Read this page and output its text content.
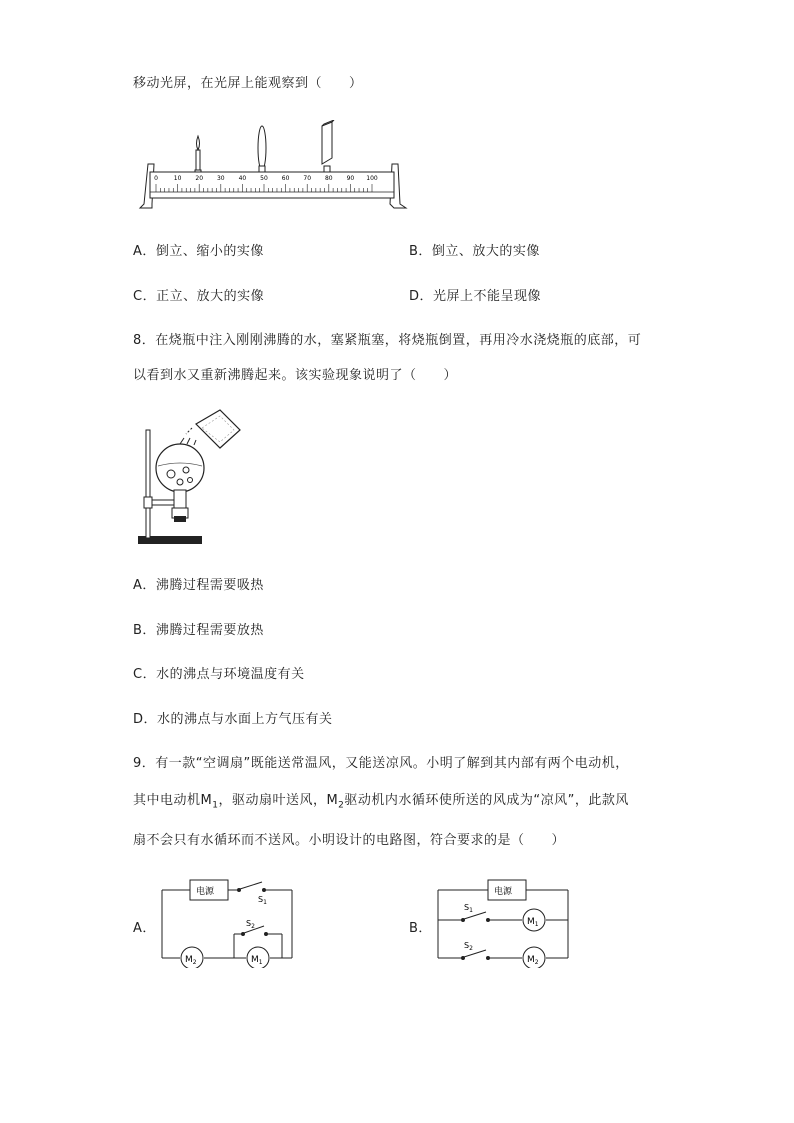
移动光屏，在光屏上能观察到（　　）
0	10 20 30 40 50 60 70 80 90 100
A．倒立、缩小的实像	B．倒立、放大的实像
C．正立、放大的实像	D．光屏上不能呈现像
8．在烧瓶中注入刚刚沸腾的水，塞紧瓶塞，将烧瓶倒置，再用冷水浇烧瓶的底部，可
以看到水又重新沸腾起来。该实验现象说明了（　　）
A．沸腾过程需要吸热
B．沸腾过程需要放热
C．水的沸点与环境温度有关
D．水的沸点与水面上方气压有关
9．有一款“空调扇”既能送常温风，又能送凉风。小明了解到其内部有两个电动机，
其中电动机$M_1$，驱动扇叶送风，$M_2$驱动机内水循环使所送的风成为“凉风”，此款风
扇不会只有水循环而不送风。小明设计的电路图，符合要求的是（　　）
A．
电源
$S_1$
$S_2$
$M_2$	$M_1$
B．
电源
$S_1$
$S_2$
$M_1$
$M_2$
